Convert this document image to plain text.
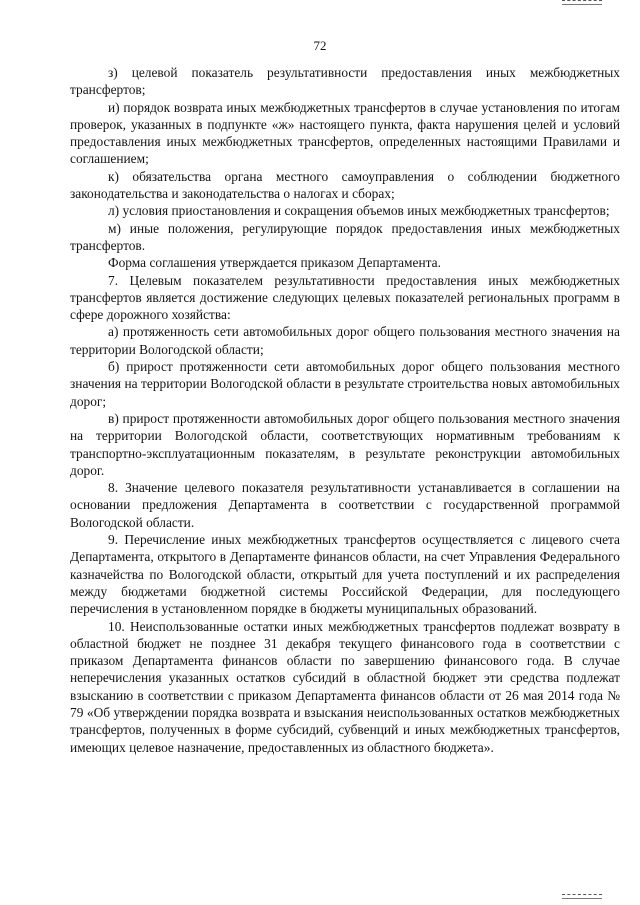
72

з) целевой показатель результативности предоставления иных межбюджетных трансфертов;

и) порядок возврата иных межбюджетных трансфертов в случае установления по итогам проверок, указанных в подпункте «ж» настоящего пункта, факта нарушения целей и условий предоставления иных межбюджетных трансфертов, определенных настоящими Правилами и соглашением;

к) обязательства органа местного самоуправления о соблюдении бюджетного законодательства и законодательства о налогах и сборах;

л) условия приостановления и сокращения объемов иных межбюджетных трансфертов;

м) иные положения, регулирующие порядок предоставления иных межбюджетных трансфертов.

Форма соглашения утверждается приказом Департамента.

7. Целевым показателем результативности предоставления иных межбюджетных трансфертов является достижение следующих целевых показателей региональных программ в сфере дорожного хозяйства:

а) протяженность сети автомобильных дорог общего пользования местного значения на территории Вологодской области;

б) прирост протяженности сети автомобильных дорог общего пользования местного значения на территории Вологодской области в результате строительства новых автомобильных дорог;

в) прирост протяженности автомобильных дорог общего пользования местного значения на территории Вологодской области, соответствующих нормативным требованиям к транспортно-эксплуатационным показателям, в результате реконструкции автомобильных дорог.

8. Значение целевого показателя результативности устанавливается в соглашении на основании предложения Департамента в соответствии с государственной программой Вологодской области.

9. Перечисление иных межбюджетных трансфертов осуществляется с лицевого счета Департамента, открытого в Департаменте финансов области, на счет Управления Федерального казначейства по Вологодской области, открытый для учета поступлений и их распределения между бюджетами бюджетной системы Российской Федерации, для последующего перечисления в установленном порядке в бюджеты муниципальных образований.

10. Неиспользованные остатки иных межбюджетных трансфертов подлежат возврату в областной бюджет не позднее 31 декабря текущего финансового года в соответствии с приказом Департамента финансов области по завершению финансового года. В случае неперечисления указанных остатков субсидий в областной бюджет эти средства подлежат взысканию в соответствии с приказом Департамента финансов области от 26 мая 2014 года № 79 «Об утверждении порядка возврата и взыскания неиспользованных остатков межбюджетных трансфертов, полученных в форме субсидий, субвенций и иных межбюджетных трансфертов, имеющих целевое назначение, предоставленных из областного бюджета».
